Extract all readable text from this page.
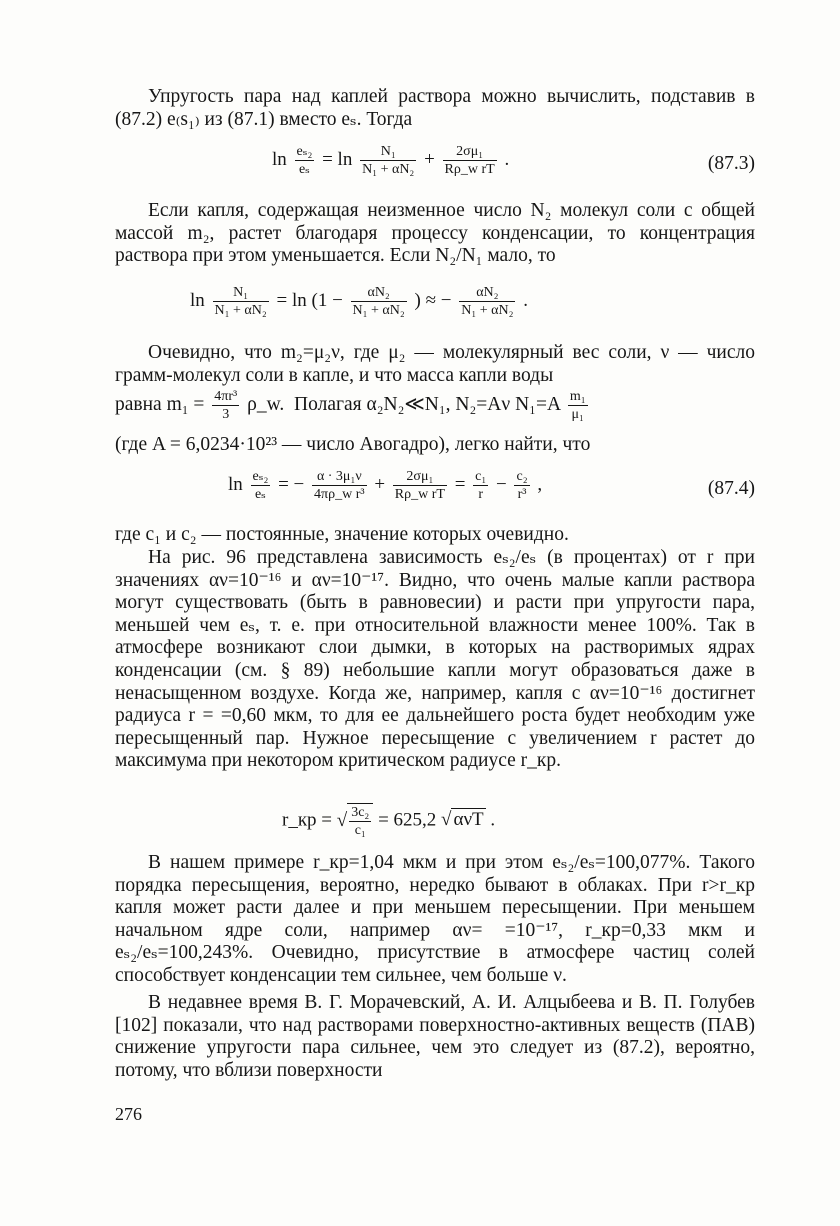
Упругость пара над каплей раствора можно вычислить, подставив в (87.2) e₍s₁₎ из (87.1) вместо eₛ. Тогда

$\ln \frac{\text{eₛ₂}}{\text{eₛ}} = \ln \frac{\text{N₁}}{\text{N₁ + αN₂}} + \frac{\text{2σμ₁}}{\text{Rρ\_w rT}}$ .	(87.3)

Если капля, содержащая неизменное число N₂ молекул соли с общей массой m₂, растет благодаря процессу конденсации, то концентрация раствора при этом уменьшается. Если N₂/N₁ мало, то

$\ln \frac{\text{N₁}}{\text{N₁ + αN₂}} = \ln (1 - \frac{\text{αN₂}}{\text{N₁ + αN₂}}$ ) ≈ − $\frac{\text{αN₂}}{\text{N₁ + αN₂}}$ .

Очевидно, что m₂=μ₂ν, где μ₂ — молекулярный вес соли, ν — число грамм-молекул соли в капле, и что масса капли воды

равна $m_1 = \frac{\text{4πr³}}{3}$ ρ_w. Полагая α₂N₂≪N₁, N₂=Aν $N_1=A \frac{\text{m₁}}{\text{μ₁}}$

(где A = 6,0234·10²³ — число Авогадро), легко найти, что

$\ln \frac{\text{eₛ₂}}{\text{eₛ}}$ = − $\frac{\text{α · 3μ₁ν}}{\text{4πρ\_w r³}} + \frac{\text{2σμ₁}}{\text{Rρ\_w rT}} = \frac{\text{c₁}}{r} - \frac{\text{c₂}}{\text{r³}}$ ,	(87.4)

где c₁ и c₂ — постоянные, значение которых очевидно.

На рис. 96 представлена зависимость eₛ₂/eₛ (в процентах) от r при значениях αν=10⁻¹⁶ и αν=10⁻¹⁷. Видно, что очень малые капли раствора могут существовать (быть в равновесии) и расти при упругости пара, меньшей чем eₛ, т. е. при относительной влажности менее 100%. Так в атмосфере возникают слои дымки, в которых на растворимых ядрах конденсации (см. § 89) небольшие капли могут образоваться даже в ненасыщенном воздухе. Когда же, например, капля с αν=10⁻¹⁶ достигнет радиуса r = =0,60 мкм, то для ее дальнейшего роста будет необходим уже пересыщенный пар. Нужное пересыщение с увеличением r растет до максимума при некотором критическом радиусе r_кр.

r_кр = √ $\frac{\text{3c₂}}{\text{c₁}} = 625,2$ √ ανT .

В нашем примере r_кр=1,04 мкм и при этом eₛ₂/eₛ=100,077%. Такого порядка пересыщения, вероятно, нередко бывают в облаках. При r>r_кр капля может расти далее и при меньшем пересыщении. При меньшем начальном ядре соли, например αν= =10⁻¹⁷, r_кр=0,33 мкм и eₛ₂/eₛ=100,243%. Очевидно, присутствие в атмосфере частиц солей способствует конденсации тем сильнее, чем больше ν.

В недавнее время В. Г. Морачевский, А. И. Алцыбеева и В. П. Голубев [102] показали, что над растворами поверхностно-активных веществ (ПАВ) снижение упругости пара сильнее, чем это следует из (87.2), вероятно, потому, что вблизи поверхности

276
